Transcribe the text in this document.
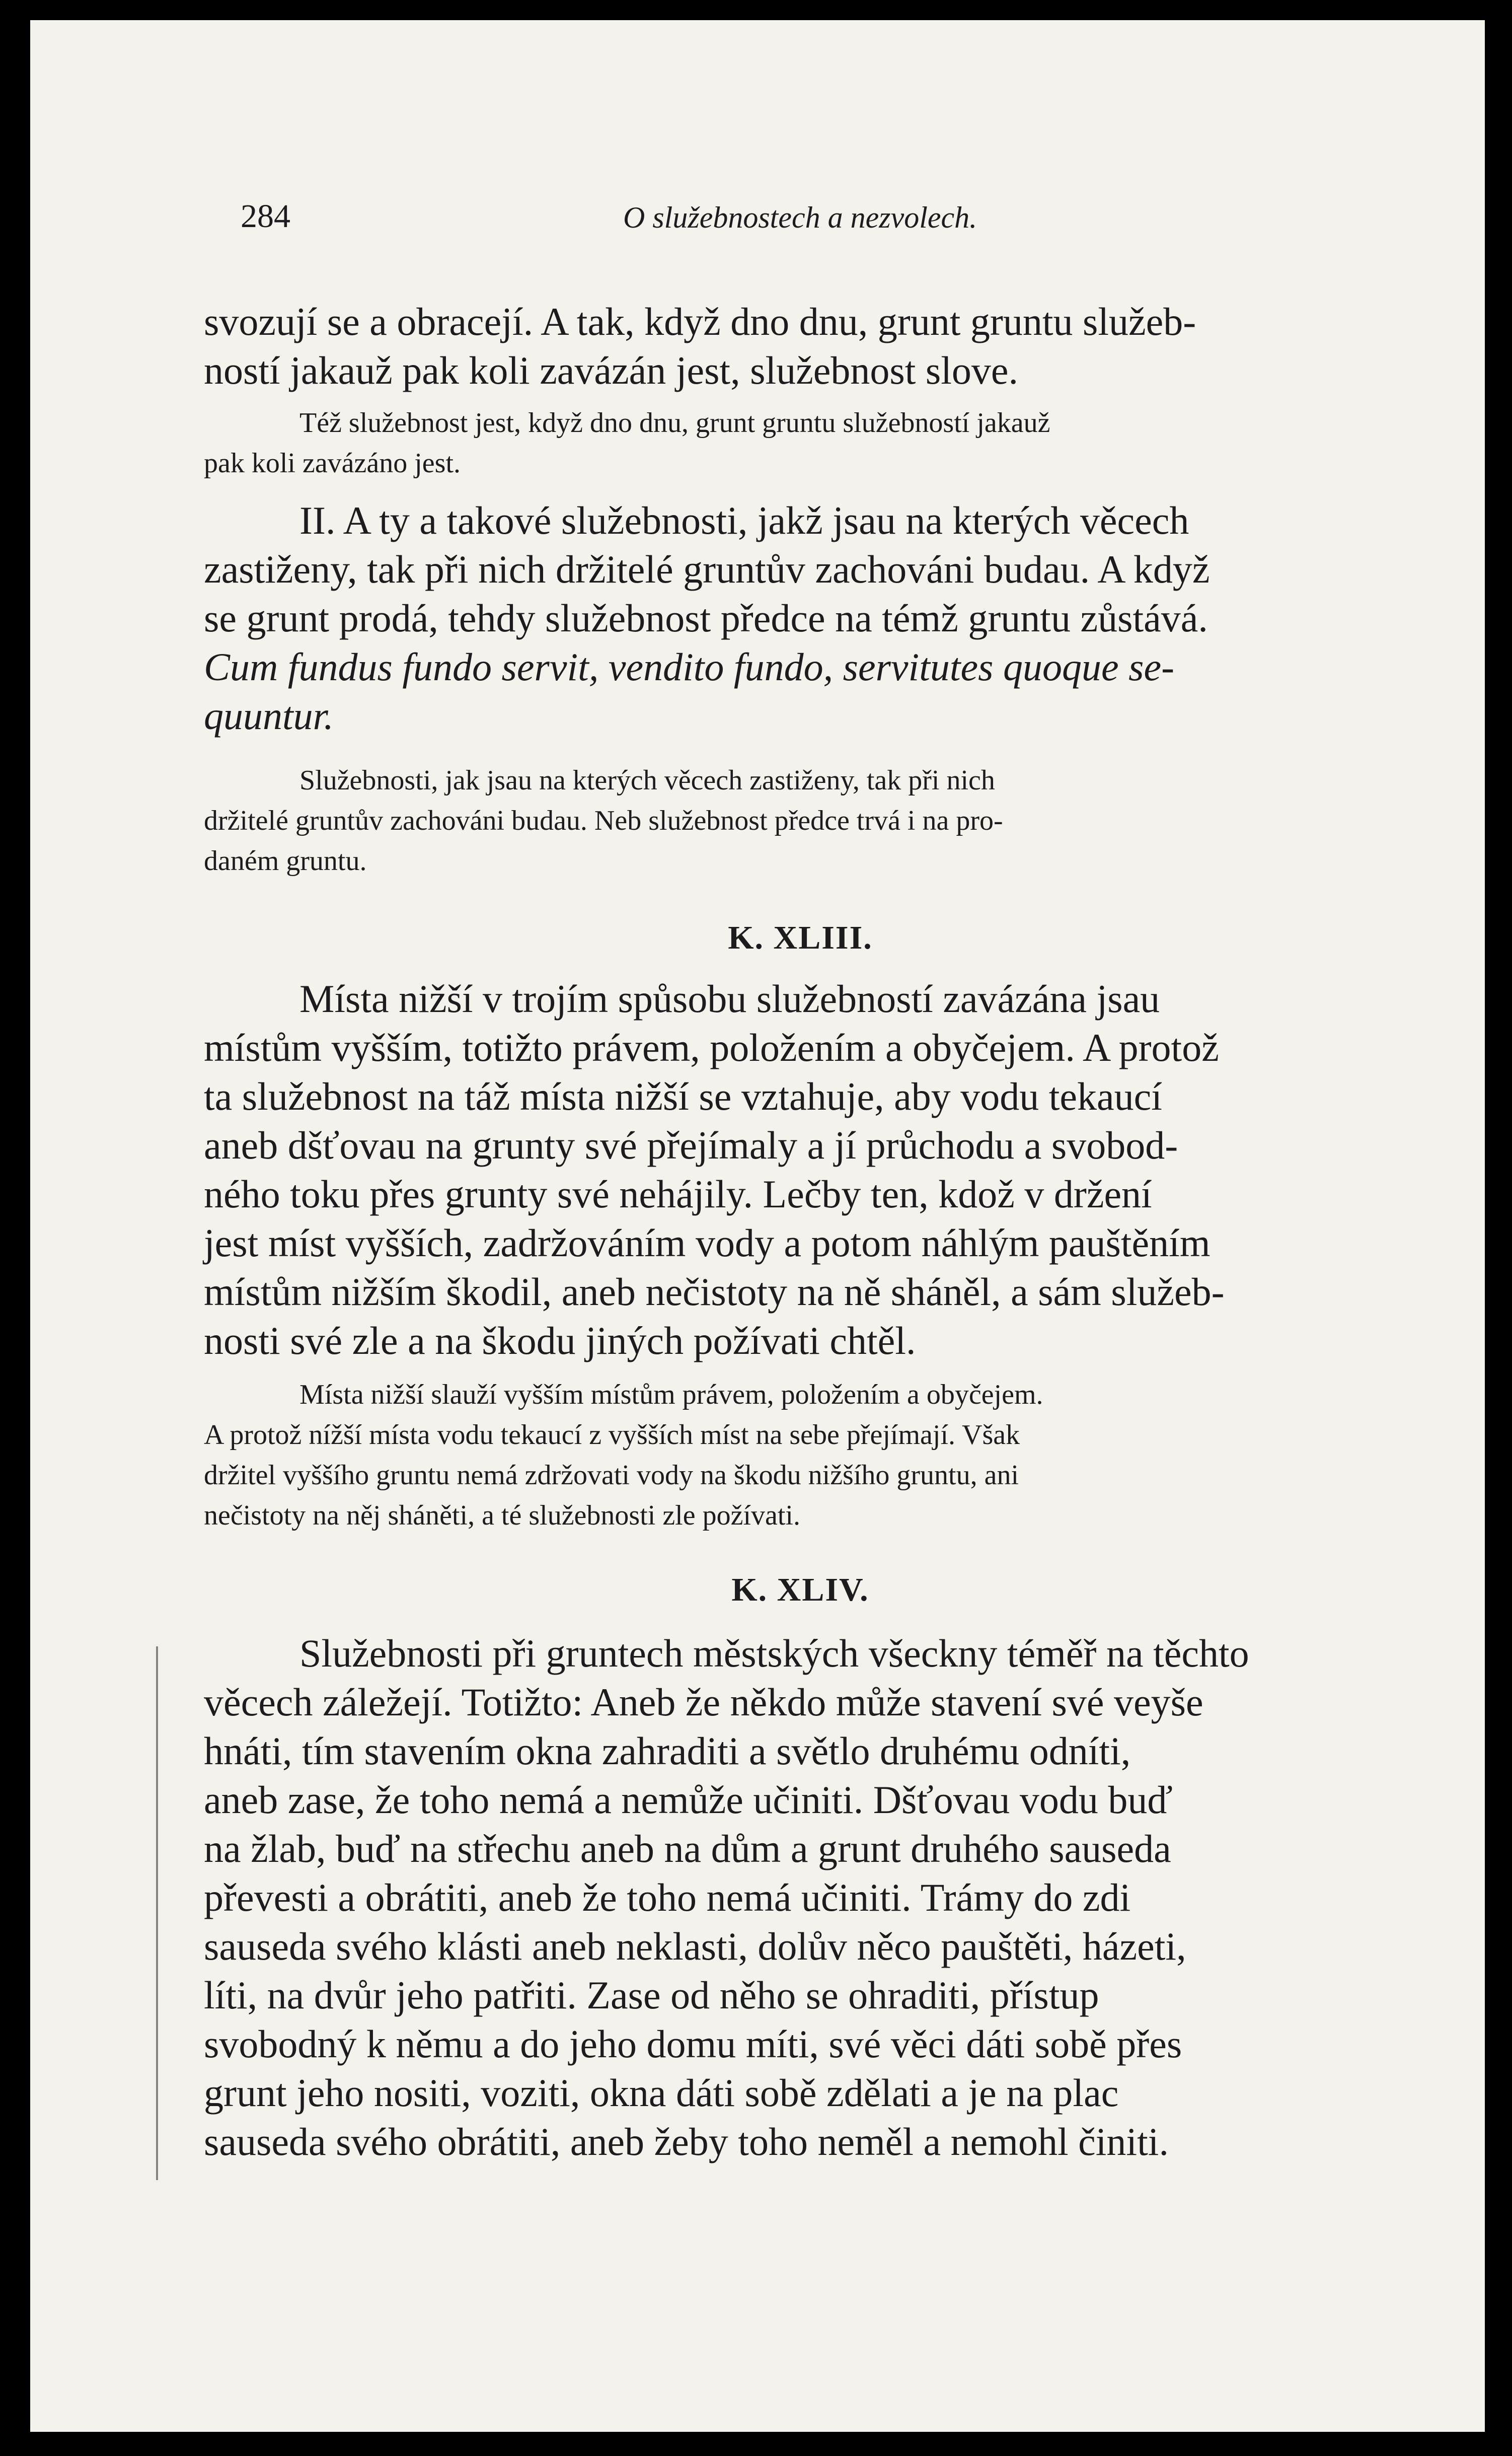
284	O služebnostech a nezvolech.
svozují se a obracejí. A tak, když dno dnu, grunt gruntu služeb-
ností jakauž pak koli zavázán jest, služebnost slove.
Též služebnost jest, když dno dnu, grunt gruntu služebností jakauž
pak koli zavázáno jest.
II. A ty a takové služebnosti, jakž jsau na kterých věcech
zastiženy, tak při nich držitelé gruntův zachováni budau. A když
se grunt prodá, tehdy služebnost předce na témž gruntu zůstává.
Cum fundus fundo servit, vendito fundo, servitutes quoque se-
quuntur.
Služebnosti, jak jsau na kterých věcech zastiženy, tak při nich
držitelé gruntův zachováni budau. Neb služebnost předce trvá i na pro-
daném gruntu.
K. XLIII.
Místa nižší v trojím spůsobu služebností zavázána jsau
místům vyšším, totižto právem, položením a obyčejem. A protož
ta služebnost na táž místa nižší se vztahuje, aby vodu tekaucí
aneb dšťovau na grunty své přejímaly a jí průchodu a svobod-
ného toku přes grunty své nehájily. Lečby ten, kdož v držení
jest míst vyšších, zadržováním vody a potom náhlým pauštěním
místům nižším škodil, aneb nečistoty na ně sháněl, a sám služeb-
nosti své zle a na škodu jiných požívati chtěl.
Místa nižší slauží vyšším místům právem, položením a obyčejem.
A protož nížší místa vodu tekaucí z vyšších míst na sebe přejímají. Však
držitel vyššího gruntu nemá zdržovati vody na škodu nižšího gruntu, ani
nečistoty na něj sháněti, a té služebnosti zle požívati.
K. XLIV.
Služebnosti při gruntech městských všeckny téměř na těchto
věcech záležejí. Totižto: Aneb že někdo může stavení své veyše
hnáti, tím stavením okna zahraditi a světlo druhému odníti,
aneb zase, že toho nemá a nemůže učiniti. Dšťovau vodu buď
na žlab, buď na střechu aneb na dům a grunt druhého sauseda
převesti a obrátiti, aneb že toho nemá učiniti. Trámy do zdi
sauseda svého klásti aneb neklasti, dolův něco pauštěti, házeti,
líti, na dvůr jeho patřiti. Zase od něho se ohraditi, přístup
svobodný k němu a do jeho domu míti, své věci dáti sobě přes
grunt jeho nositi, voziti, okna dáti sobě zdělati a je na plac
sauseda svého obrátiti, aneb žeby toho neměl a nemohl činiti.
